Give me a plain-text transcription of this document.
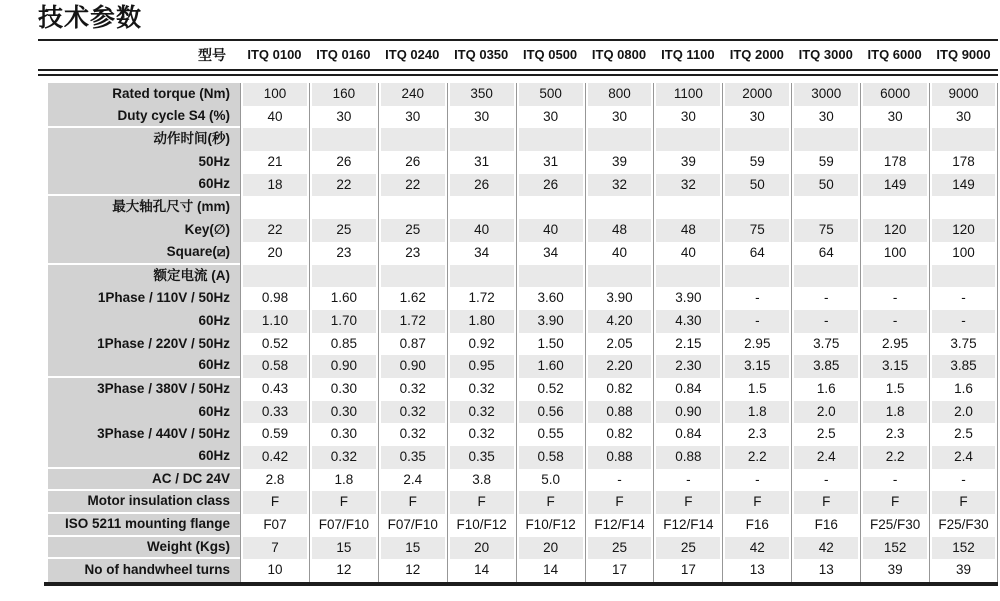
技术参数
型号	ITQ 0100	ITQ 0160	ITQ 0240	ITQ 0350	ITQ 0500	ITQ 0800	ITQ 1100	ITQ 2000	ITQ 3000	ITQ 6000	ITQ 9000
Rated torque (Nm)	100	160	240	350	500	800	1100	2000	3000	6000	9000
Duty cycle S4 (%)	40	30	30	30	30	30	30	30	30	30	30
动作时间(秒)
50Hz	21	26	26	31	31	39	39	59	59	178	178
60Hz	18	22	22	26	26	32	32	50	50	149	149
最大轴孔尺寸 (mm)
Key(∅)	22	25	25	40	40	48	48	75	75	120	120
Square(⧄)	20	23	23	34	34	40	40	64	64	100	100
额定电流 (A)
1Phase / 110V / 50Hz	0.98	1.60	1.62	1.72	3.60	3.90	3.90	-	-	-	-
60Hz	1.10	1.70	1.72	1.80	3.90	4.20	4.30	-	-	-	-
1Phase / 220V / 50Hz	0.52	0.85	0.87	0.92	1.50	2.05	2.15	2.95	3.75	2.95	3.75
60Hz	0.58	0.90	0.90	0.95	1.60	2.20	2.30	3.15	3.85	3.15	3.85
3Phase / 380V / 50Hz	0.43	0.30	0.32	0.32	0.52	0.82	0.84	1.5	1.6	1.5	1.6
60Hz	0.33	0.30	0.32	0.32	0.56	0.88	0.90	1.8	2.0	1.8	2.0
3Phase / 440V / 50Hz	0.59	0.30	0.32	0.32	0.55	0.82	0.84	2.3	2.5	2.3	2.5
60Hz	0.42	0.32	0.35	0.35	0.58	0.88	0.88	2.2	2.4	2.2	2.4
AC / DC 24V	2.8	1.8	2.4	3.8	5.0	-	-	-	-	-	-
Motor insulation class	F	F	F	F	F	F	F	F	F	F	F
ISO 5211 mounting flange	F07	F07/F10	F07/F10	F10/F12	F10/F12	F12/F14	F12/F14	F16	F16	F25/F30	F25/F30
Weight (Kgs)	7	15	15	20	20	25	25	42	42	152	152
No of handwheel turns	10	12	12	14	14	17	17	13	13	39	39
